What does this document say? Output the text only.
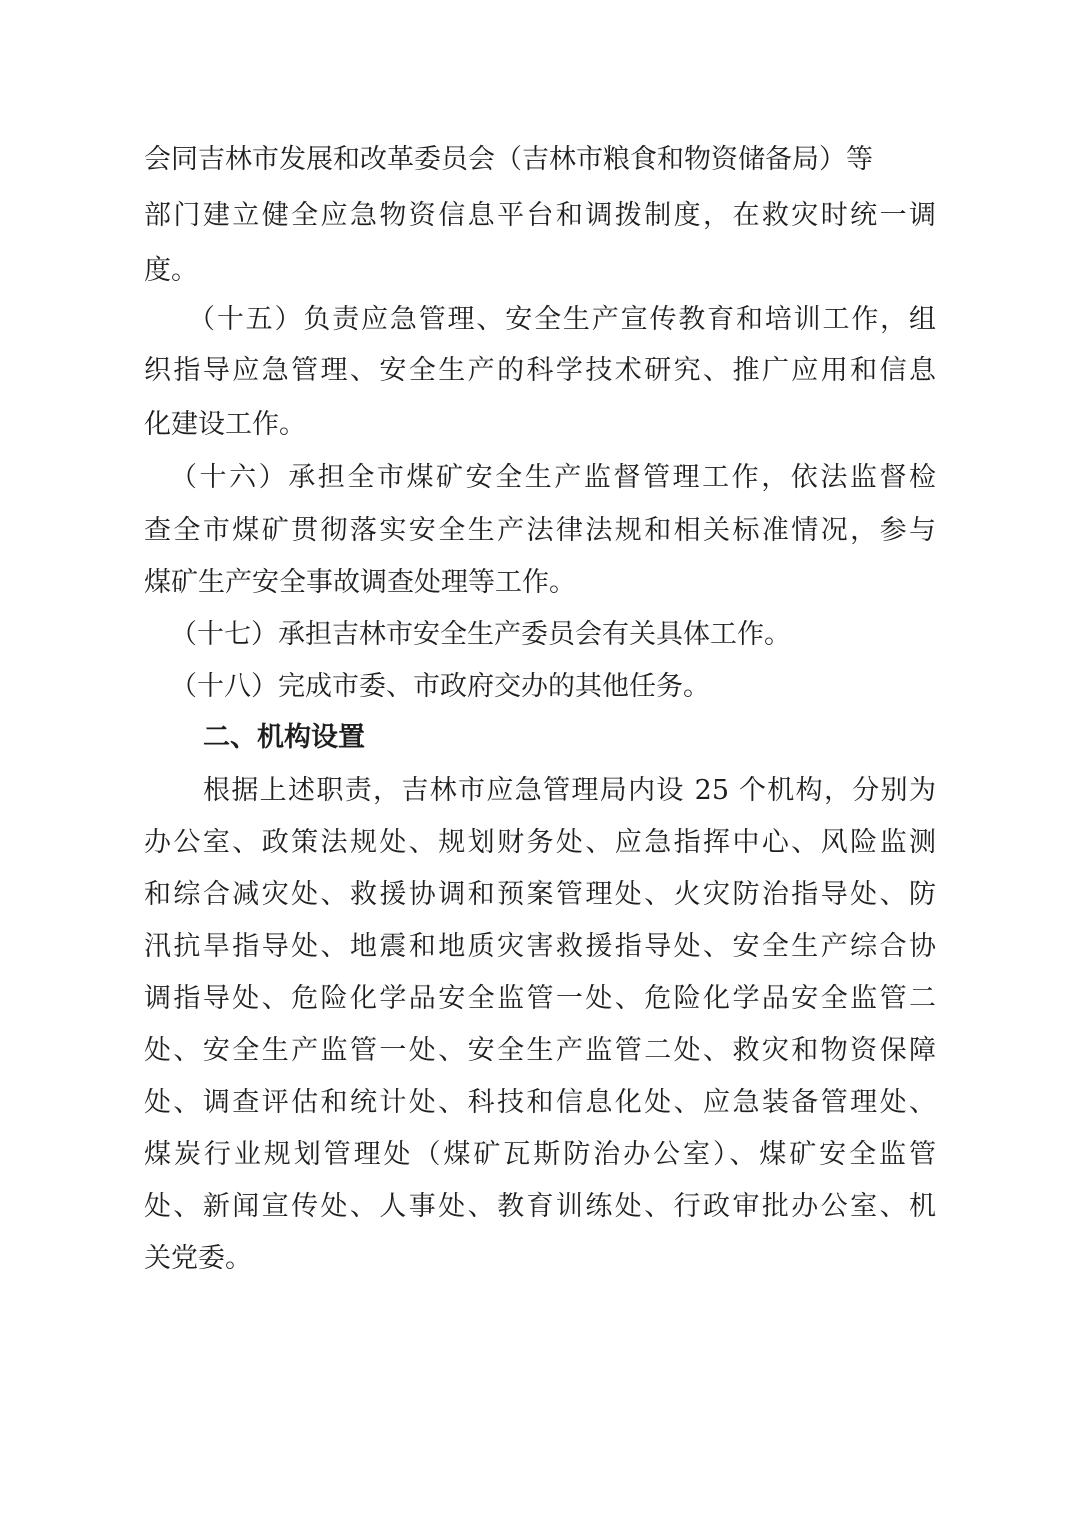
会同吉林市发展和改革委员会（吉林市粮食和物资储备局）等
部门建立健全应急物资信息平台和调拨制度，在救灾时统一调
度。
（十五）负责应急管理、安全生产宣传教育和培训工作，组
织指导应急管理、安全生产的科学技术研究、推广应用和信息
化建设工作。
（十六）承担全市煤矿安全生产监督管理工作，依法监督检
查全市煤矿贯彻落实安全生产法律法规和相关标准情况，参与
煤矿生产安全事故调查处理等工作。
（十七）承担吉林市安全生产委员会有关具体工作。
（十八）完成市委、市政府交办的其他任务。
二、机构设置
根据上述职责，吉林市应急管理局内设 25 个机构，分别为
办公室、政策法规处、规划财务处、应急指挥中心、风险监测
和综合减灾处、救援协调和预案管理处、火灾防治指导处、防
汛抗旱指导处、地震和地质灾害救援指导处、安全生产综合协
调指导处、危险化学品安全监管一处、危险化学品安全监管二
处、安全生产监管一处、安全生产监管二处、救灾和物资保障
处、调查评估和统计处、科技和信息化处、应急装备管理处、
煤炭行业规划管理处（煤矿瓦斯防治办公室）、煤矿安全监管
处、新闻宣传处、人事处、教育训练处、行政审批办公室、机
关党委。
